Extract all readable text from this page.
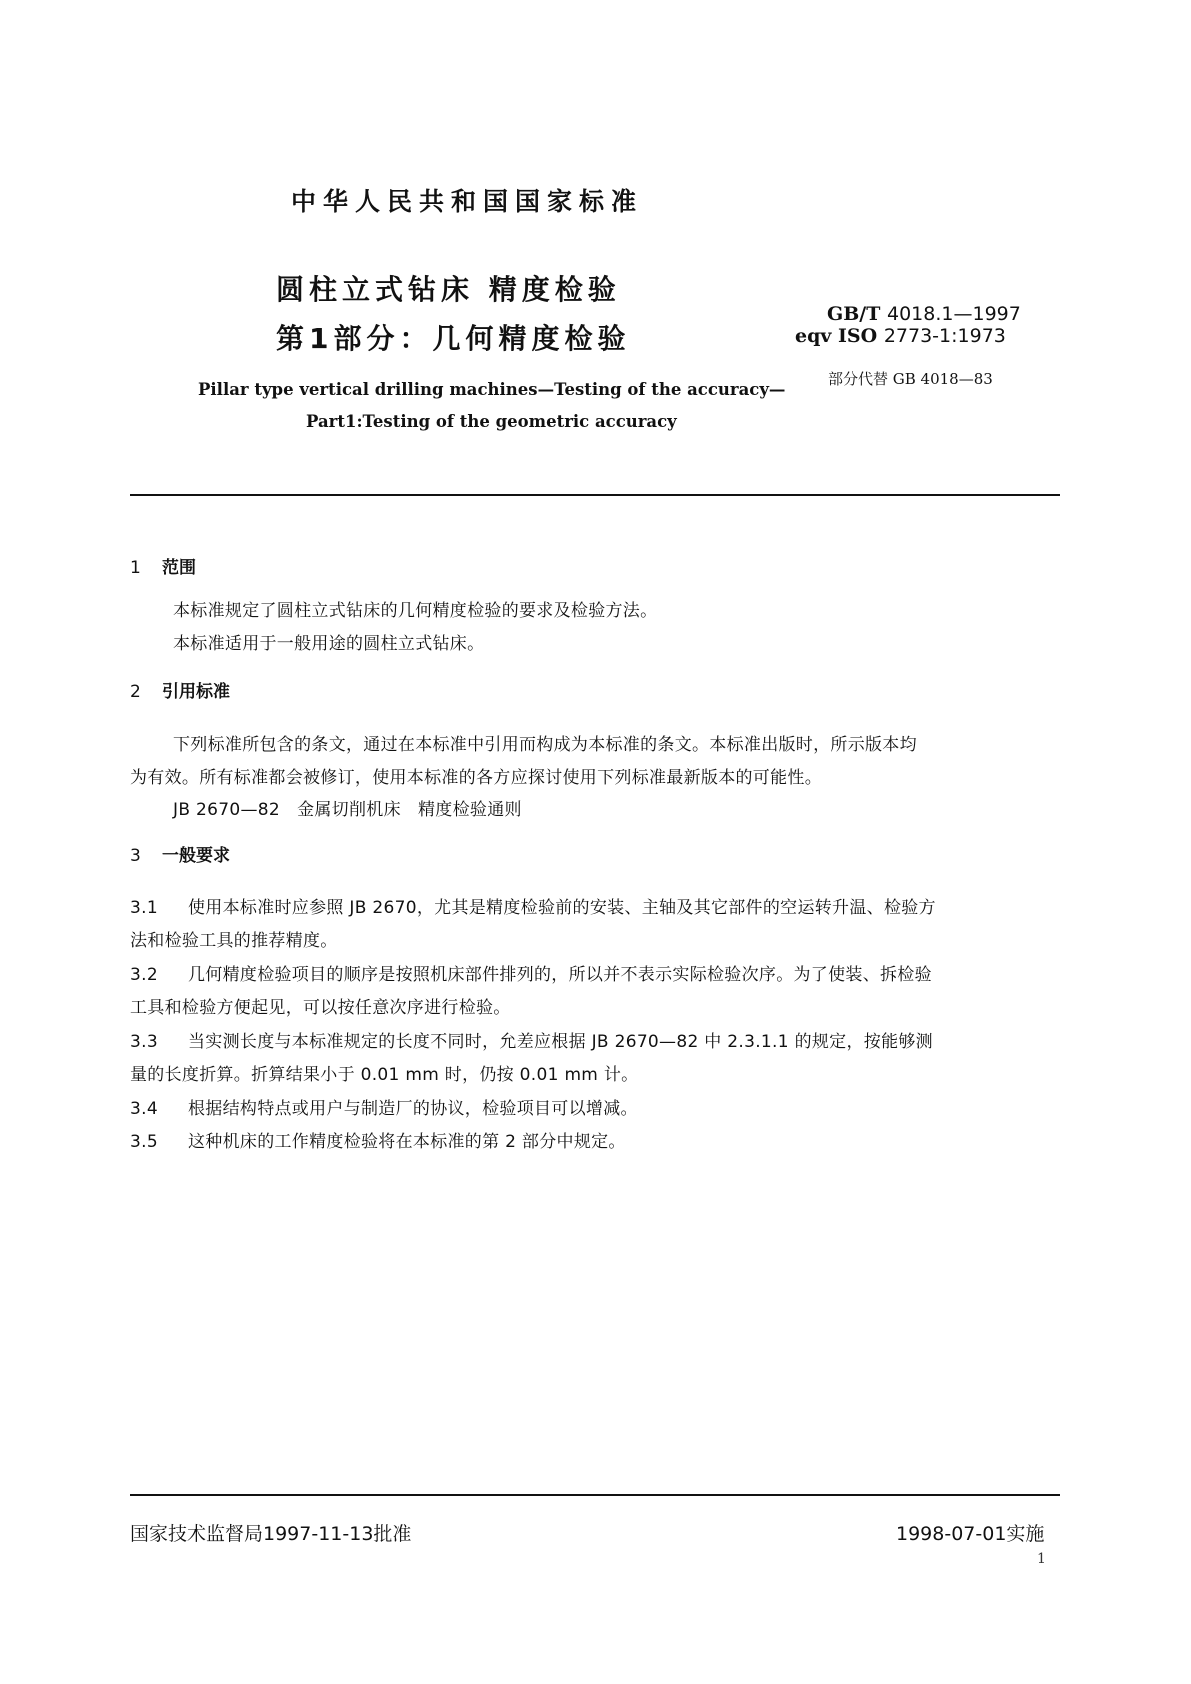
中华人民共和国国家标准
圆柱立式钻床 精度检验
第1部分：几何精度检验
GB/T 4018.1—1997
eqv ISO 2773-1:1973
部分代替 GB 4018—83
Pillar type vertical drilling machines—Testing of the accuracy—
Part1:Testing of the geometric accuracy
1 范围
本标准规定了圆柱立式钻床的几何精度检验的要求及检验方法。
本标准适用于一般用途的圆柱立式钻床。
2 引用标准
下列标准所包含的条文，通过在本标准中引用而构成为本标准的条文。本标准出版时，所示版本均
为有效。所有标准都会被修订，使用本标准的各方应探讨使用下列标准最新版本的可能性。
JB 2670—82   金属切削机床   精度检验通则
3 一般要求
3.1 使用本标准时应参照 JB 2670，尤其是精度检验前的安装、主轴及其它部件的空运转升温、检验方
法和检验工具的推荐精度。
3.2 几何精度检验项目的顺序是按照机床部件排列的，所以并不表示实际检验次序。为了使装、拆检验
工具和检验方便起见，可以按任意次序进行检验。
3.3 当实测长度与本标准规定的长度不同时，允差应根据 JB 2670—82 中 2.3.1.1 的规定，按能够测
量的长度折算。折算结果小于 0.01 mm 时，仍按 0.01 mm 计。
3.4 根据结构特点或用户与制造厂的协议，检验项目可以增减。
3.5 这种机床的工作精度检验将在本标准的第 2 部分中规定。
国家技术监督局1997-11-13批准	1998-07-01实施
1
